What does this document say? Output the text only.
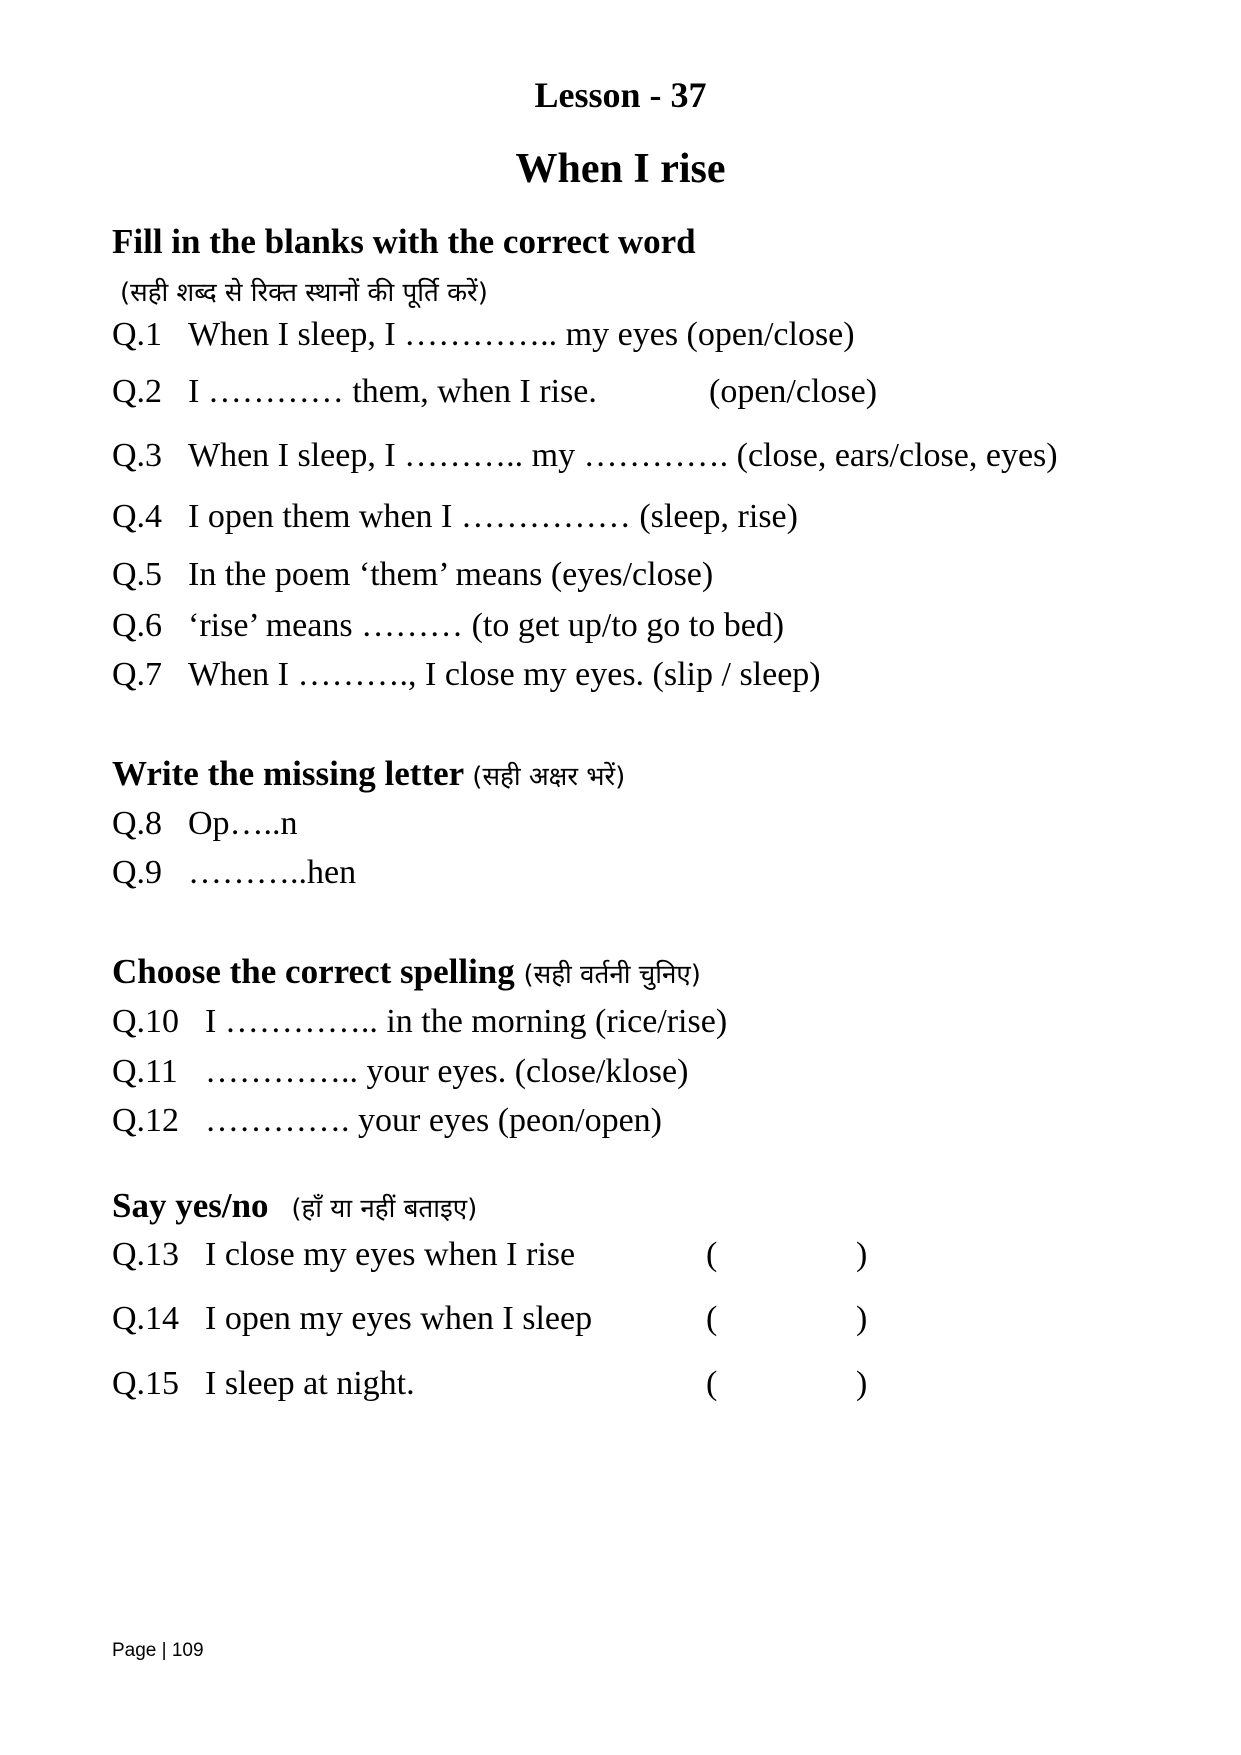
Lesson - 37
When I rise
Fill in the blanks with the correct word
(सही शब्द से रिक्त स्थानों की पूर्ति करें)
Q.1 When I sleep, I ………….. my eyes (open/close)
Q.2 I ………… them, when I rise.	(open/close)
Q.3 When I sleep, I ……….. my …………. (close, ears/close, eyes)
Q.4 I open them when I …………… (sleep, rise)
Q.5 In the poem ‘them’ means (eyes/close)
Q.6 ‘rise’ means ……… (to get up/to go to bed)
Q.7 When I ………., I close my eyes. (slip / sleep)
Write the missing letter (सही अक्षर भरें)
Q.8 Op…..n
Q.9 ………..hen
Choose the correct spelling (सही वर्तनी चुनिए)
Q.10 I ………….. in the morning (rice/rise)
Q.11 ………….. your eyes. (close/klose)
Q.12 …………. your eyes (peon/open)
Say yes/no (हाँ या नहीं बताइए)
Q.13 I close my eyes when I rise	(	)
Q.14 I open my eyes when I sleep	(	)
Q.15 I sleep at night.	(	)
Page | 109
